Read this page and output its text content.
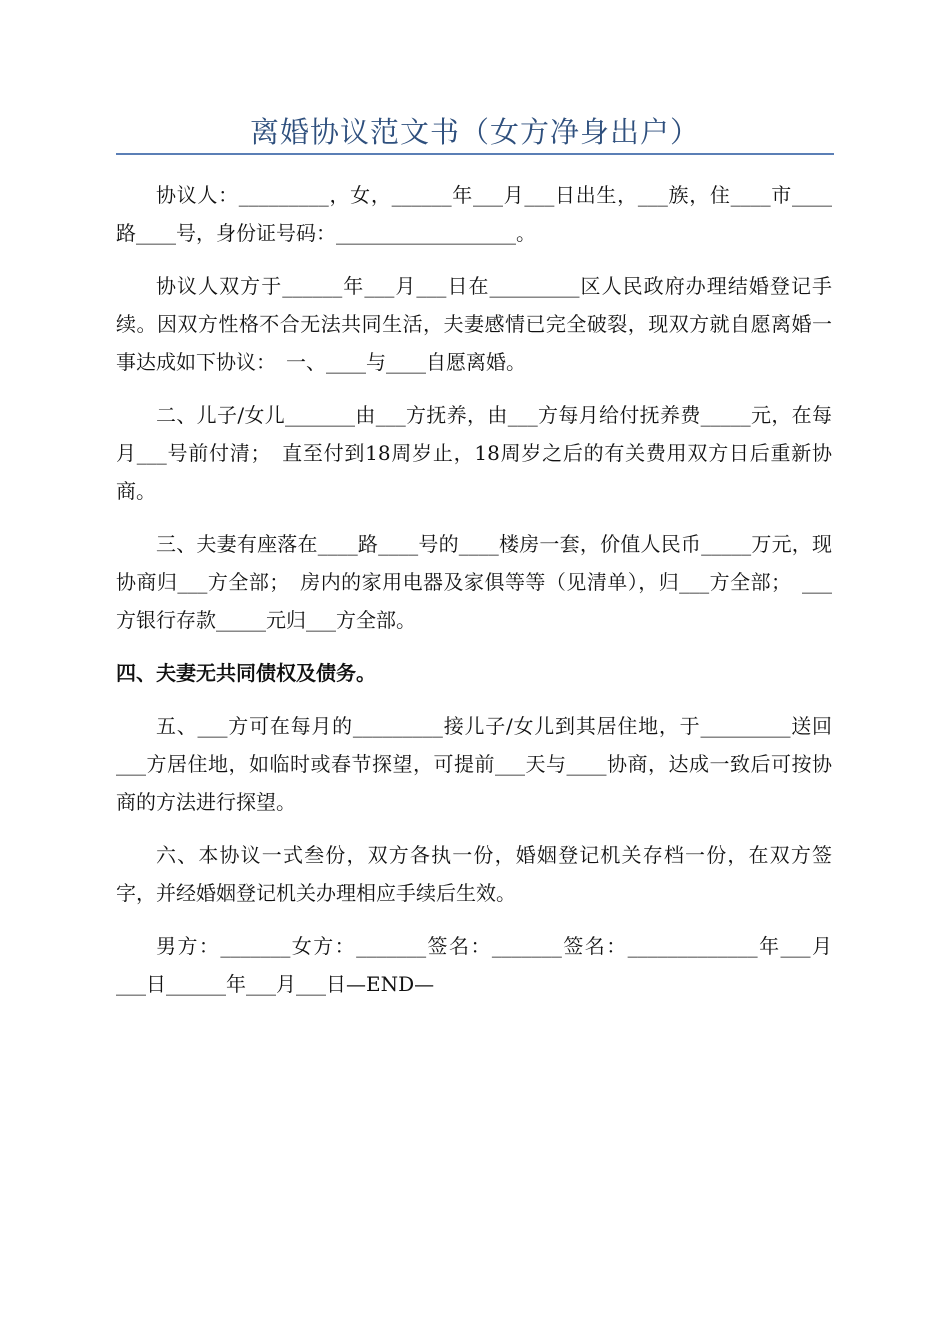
离婚协议范文书（女方净身出户）

协议人：_________，女，______年___月___日出生，___族，住____市____路____号，身份证号码：__________________。

协议人双方于______年___月___日在_________区人民政府办理结婚登记手续。因双方性格不合无法共同生活，夫妻感情已完全破裂，现双方就自愿离婚一事达成如下协议：　一、____与____自愿离婚。

二、儿子/女儿_______由___方抚养，由___方每月给付抚养费_____元，在每月___号前付清；　直至付到18周岁止，18周岁之后的有关费用双方日后重新协商。

三、夫妻有座落在____路____号的____楼房一套，价值人民币_____万元，现协商归___方全部；　房内的家用电器及家俱等等（见清单），归___方全部；　___方银行存款_____元归___方全部。

四、夫妻无共同债权及债务。

五、___方可在每月的_________接儿子/女儿到其居住地，于_________送回___方居住地，如临时或春节探望，可提前___天与____协商，达成一致后可按协商的方法进行探望。

六、本协议一式叁份，双方各执一份，婚姻登记机关存档一份，在双方签字，并经婚姻登记机关办理相应手续后生效。

男方：_______女方：_______签名：_______签名：_____________年___月___日______年___月___日—END—
